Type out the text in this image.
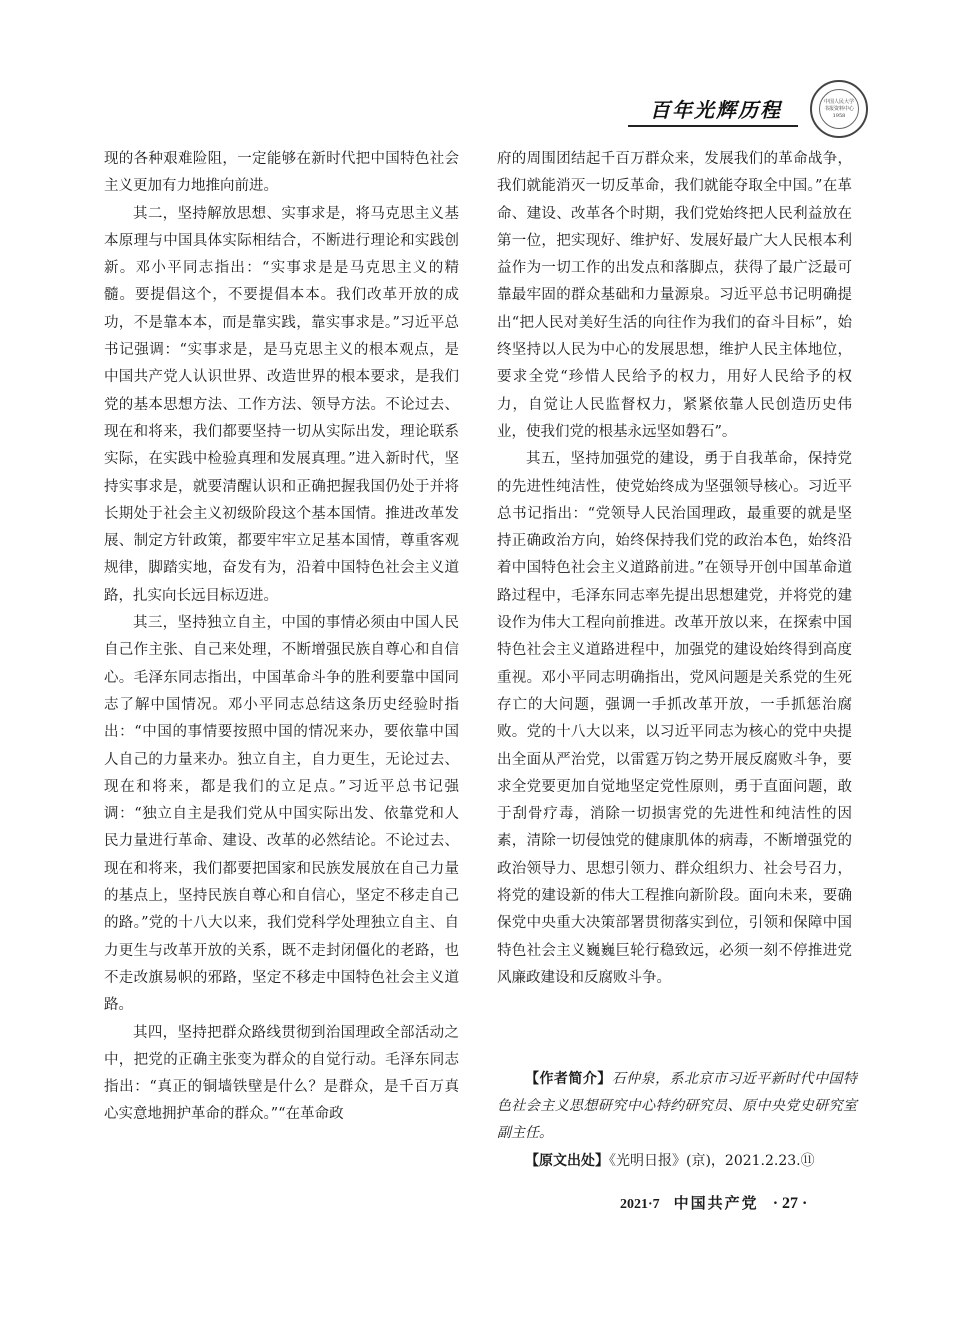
百年光辉历程	中国人民大学
书报资料中心
1958

现的各种艰难险阻，一定能够在新时代把中国特色社会主义更加有力地推向前进。

其二，坚持解放思想、实事求是，将马克思主义基本原理与中国具体实际相结合，不断进行理论和实践创新。邓小平同志指出：“实事求是是马克思主义的精髓。要提倡这个，不要提倡本本。我们改革开放的成功，不是靠本本，而是靠实践，靠实事求是。”习近平总书记强调：“实事求是，是马克思主义的根本观点，是中国共产党人认识世界、改造世界的根本要求，是我们党的基本思想方法、工作方法、领导方法。不论过去、现在和将来，我们都要坚持一切从实际出发，理论联系实际，在实践中检验真理和发展真理。”进入新时代，坚持实事求是，就要清醒认识和正确把握我国仍处于并将长期处于社会主义初级阶段这个基本国情。推进改革发展、制定方针政策，都要牢牢立足基本国情，尊重客观规律，脚踏实地，奋发有为，沿着中国特色社会主义道路，扎实向长远目标迈进。

其三，坚持独立自主，中国的事情必须由中国人民自己作主张、自己来处理，不断增强民族自尊心和自信心。毛泽东同志指出，中国革命斗争的胜利要靠中国同志了解中国情况。邓小平同志总结这条历史经验时指出：“中国的事情要按照中国的情况来办，要依靠中国人自己的力量来办。独立自主，自力更生，无论过去、现在和将来，都是我们的立足点。”习近平总书记强调：“独立自主是我们党从中国实际出发、依靠党和人民力量进行革命、建设、改革的必然结论。不论过去、现在和将来，我们都要把国家和民族发展放在自己力量的基点上，坚持民族自尊心和自信心，坚定不移走自己的路。”党的十八大以来，我们党科学处理独立自主、自力更生与改革开放的关系，既不走封闭僵化的老路，也不走改旗易帜的邪路，坚定不移走中国特色社会主义道路。

其四，坚持把群众路线贯彻到治国理政全部活动之中，把党的正确主张变为群众的自觉行动。毛泽东同志指出：“真正的铜墙铁壁是什么？是群众，是千百万真心实意地拥护革命的群众。”“在革命政

府的周围团结起千百万群众来，发展我们的革命战争，我们就能消灭一切反革命，我们就能夺取全中国。”在革命、建设、改革各个时期，我们党始终把人民利益放在第一位，把实现好、维护好、发展好最广大人民根本利益作为一切工作的出发点和落脚点，获得了最广泛最可靠最牢固的群众基础和力量源泉。习近平总书记明确提出“把人民对美好生活的向往作为我们的奋斗目标”，始终坚持以人民为中心的发展思想，维护人民主体地位，要求全党“珍惜人民给予的权力，用好人民给予的权力，自觉让人民监督权力，紧紧依靠人民创造历史伟业，使我们党的根基永远坚如磐石”。

其五，坚持加强党的建设，勇于自我革命，保持党的先进性纯洁性，使党始终成为坚强领导核心。习近平总书记指出：“党领导人民治国理政，最重要的就是坚持正确政治方向，始终保持我们党的政治本色，始终沿着中国特色社会主义道路前进。”在领导开创中国革命道路过程中，毛泽东同志率先提出思想建党，并将党的建设作为伟大工程向前推进。改革开放以来，在探索中国特色社会主义道路进程中，加强党的建设始终得到高度重视。邓小平同志明确指出，党风问题是关系党的生死存亡的大问题，强调一手抓改革开放，一手抓惩治腐败。党的十八大以来，以习近平同志为核心的党中央提出全面从严治党，以雷霆万钧之势开展反腐败斗争，要求全党要更加自觉地坚定党性原则，勇于直面问题，敢于刮骨疗毒，消除一切损害党的先进性和纯洁性的因素，清除一切侵蚀党的健康肌体的病毒，不断增强党的政治领导力、思想引领力、群众组织力、社会号召力，将党的建设新的伟大工程推向新阶段。面向未来，要确保党中央重大决策部署贯彻落实到位，引领和保障中国特色社会主义巍巍巨轮行稳致远，必须一刻不停推进党风廉政建设和反腐败斗争。

【作者简介】石仲泉，系北京市习近平新时代中国特色社会主义思想研究中心特约研究员、原中央党史研究室副主任。
【原文出处】《光明日报》(京)，2021.2.23.⑪
2021·7 中国共产党 · 27 ·
